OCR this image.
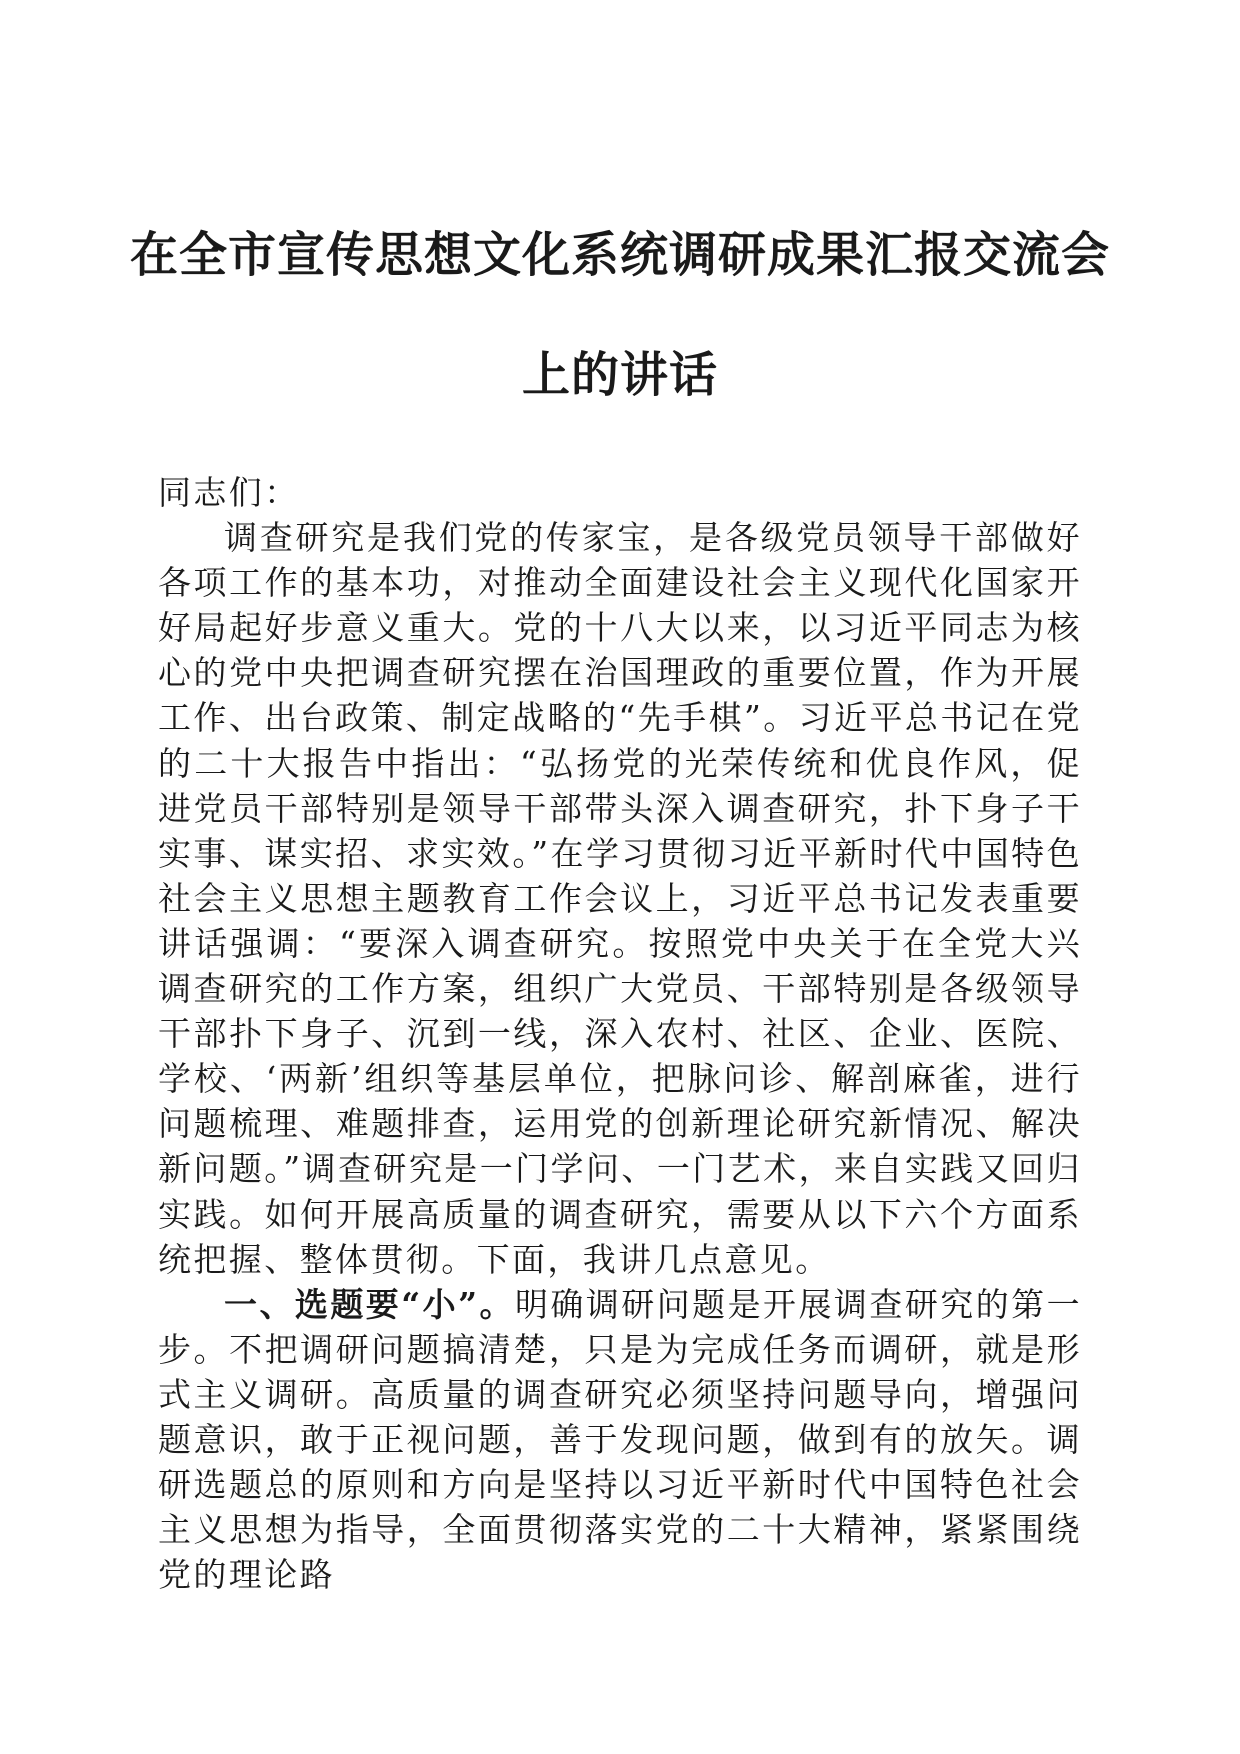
在全市宣传思想文化系统调研成果汇报交流会
上的讲话

同志们：

调查研究是我们党的传家宝，是各级党员领导干部做好各项工作的基本功，对推动全面建设社会主义现代化国家开好局起好步意义重大。党的十八大以来，以习近平同志为核心的党中央把调查研究摆在治国理政的重要位置，作为开展工作、出台政策、制定战略的“先手棋”。习近平总书记在党的二十大报告中指出：“弘扬党的光荣传统和优良作风，促进党员干部特别是领导干部带头深入调查研究，扑下身子干实事、谋实招、求实效。”在学习贯彻习近平新时代中国特色社会主义思想主题教育工作会议上，习近平总书记发表重要讲话强调：“要深入调查研究。按照党中央关于在全党大兴调查研究的工作方案，组织广大党员、干部特别是各级领导干部扑下身子、沉到一线，深入农村、社区、企业、医院、学校、‘两新’组织等基层单位，把脉问诊、解剖麻雀，进行问题梳理、难题排查，运用党的创新理论研究新情况、解决新问题。”调查研究是一门学问、一门艺术，来自实践又回归实践。如何开展高质量的调查研究，需要从以下六个方面系统把握、整体贯彻。下面，我讲几点意见。

一、选题要“小”。明确调研问题是开展调查研究的第一步。不把调研问题搞清楚，只是为完成任务而调研，就是形式主义调研。高质量的调查研究必须坚持问题导向，增强问题意识，敢于正视问题，善于发现问题，做到有的放矢。调研选题总的原则和方向是坚持以习近平新时代中国特色社会主义思想为指导，全面贯彻落实党的二十大精神，紧紧围绕党的理论路
